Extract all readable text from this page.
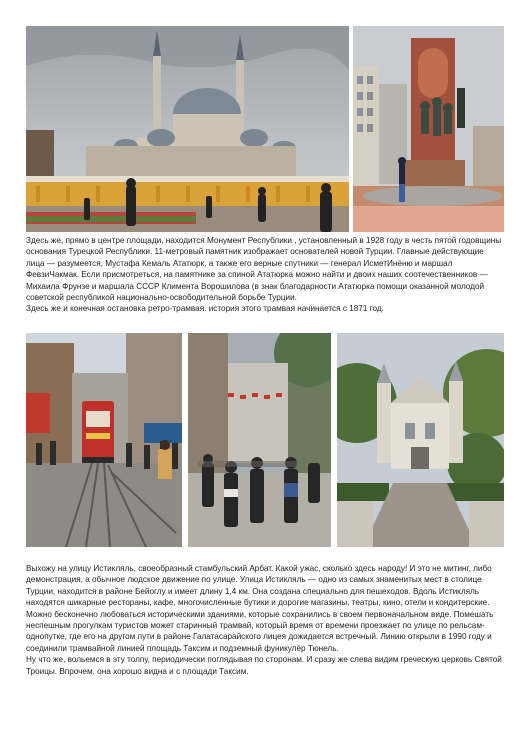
Здесь же, прямо в центре площади, находится Монумент Республики , установленный в 1928 году в честь пятой годовщины основания Турецкой Республики. 11-метровый памятник изображает основателей новой Турции. Главные действующие лица — разумеется, Мустафа Кемаль Ататюрк, а также его верные спутники — генерал ИсметИнёню и маршал ФевзиЧакмак. Если присмотреться, на памятнике за спиной Ататюрка можно найти и двоих наших соотечественников — Михаила Фрунзе и маршала СССР Климента Ворошилова (в знак благодарности Ататюрка помощи оказанной молодой советской республикой национально-освободительной борьбе Турции.

Здесь же и конечная остановка ретро-трамвая. история этого трамвая начинается с 1871 год.

Выхожу на улицу Истикляль, своеобразный стамбульский Арбат. Какой ужас, сколько здесь народу! И это не митинг, либо демонстрация, а обычное людское движение по улице. Улица Истикляль — одно из самых знаменитых мест в столице Турции, находится в районе Бейоглу и имеет длину 1,4 км. Она создана специально для пешеходов. Вдоль Истикляль находятся шикарные рестораны, кафе, многочисленные бутики и дорогие магазины, театры, кино, отели и кондитерские. Можно бесконечно любоваться историческими зданиями, которые сохранились в своем первоначальном виде. Помешать неспешным прогулкам туристов может старинный трамвай, который время от времени проезжает по улице по рельсам- однопутке, где его на другом пути в районе Галатасарайского лицея дожидается встречный. Линию открыли в 1990 году и соединили трамвайной линией площадь Таксим и подземный фуникулёр Тюнель.

Ну что же, вольемся в эту толпу, периодически поглядывая по сторонам. И сразу же слева видим греческую церковь Святой Троицы. Впрочем, она хорошо видна и с площади Таксим.
